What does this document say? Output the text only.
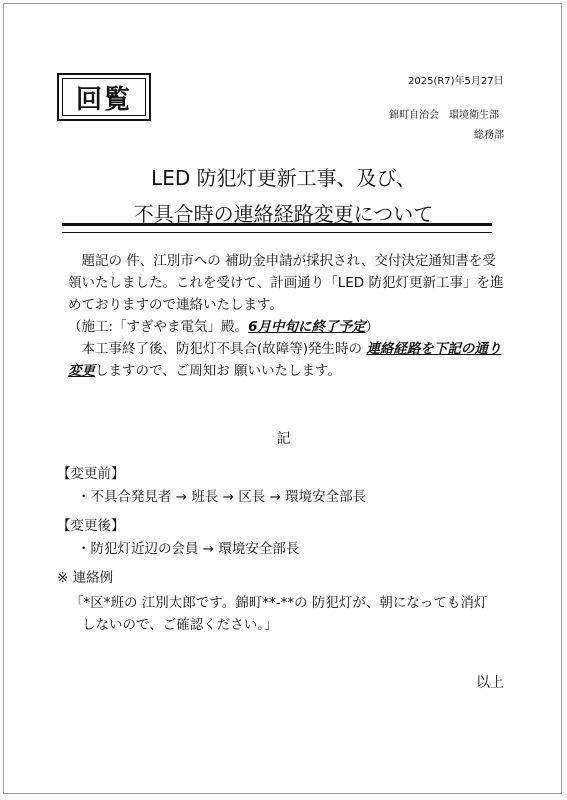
回覧
2025(R7)年5月27日
錦町自治会　環境衛生部
総務部
LED 防犯灯更新工事、及び、
不具合時の連絡経路変更について

題記の 件、江別市への 補助金申請が採択され、交付決定通知書を受領いたしました。これを受けて、計画通り「LED 防犯灯更新工事」を進めておりますので連絡いたします。

（施工:「すぎやま電気」殿。6月中旬に終了予定）

本工事終了後、防犯灯不具合(故障等)発生時の 連絡経路を下記の通り変更しますので、ご周知お 願いいたします。

記
【変更前】
・不具合発見者 → 班長 → 区長 → 環境安全部長
【変更後】
・防犯灯近辺の会員 → 環境安全部長
※ 連絡例
「*区*班の 江別太郎です。錦町**-**の 防犯灯が、朝になっても消灯しないので、ご確認ください。」
以上
